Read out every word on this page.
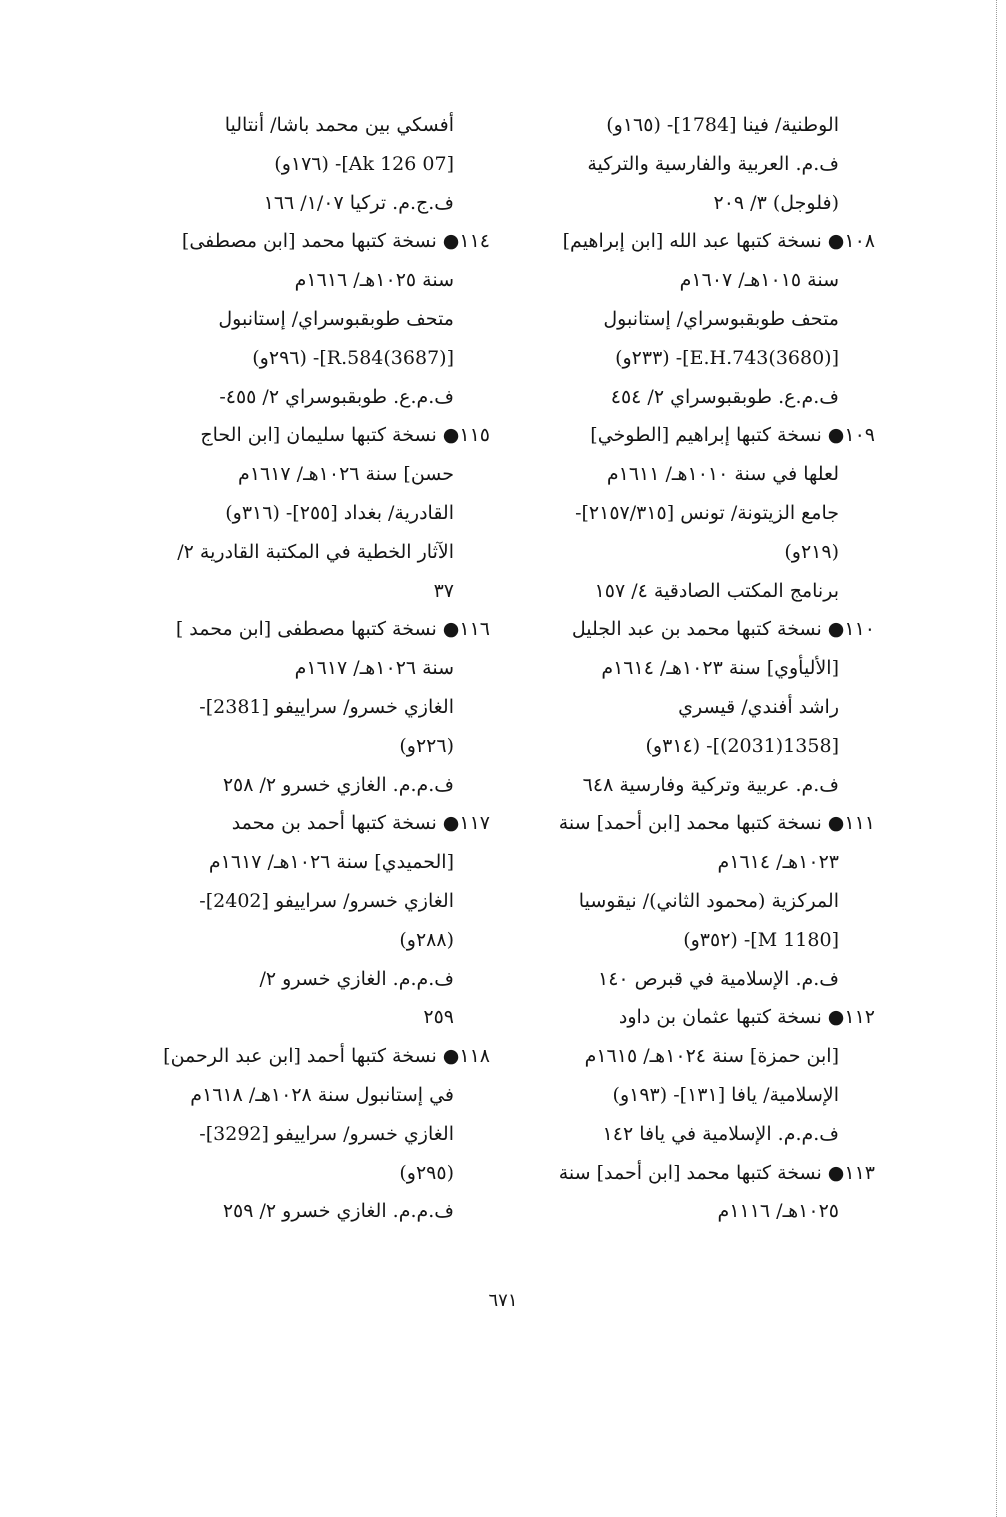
الوطنية/ فينا [1784]- (١٦٥و)
ف.م. العربية والفارسية والتركية
(فلوجل) ٣/ ٢٠٩
١٠٨● نسخة كتبها عبد الله [ابن إبراهيم]
سنة ١٠١٥هـ/ ١٦٠٧م
متحف طوبقبوسراي/ إستانبول
[(3680)E.H.743]- (٢٣٣و)
ف.م.ع. طوبقبوسراي ٢/ ٤٥٤
١٠٩● نسخة كتبها إبراهيم [الطوخي]
لعلها في سنة ١٠١٠هـ/ ١٦١١م
جامع الزيتونة/ تونس [٢١٥٧/٣١٥]-
(٢١٩و)
برنامج المكتب الصادقية ٤/ ١٥٧
١١٠● نسخة كتبها محمد بن عبد الجليل
[الأليأوي] سنة ١٠٢٣هـ/ ١٦١٤م
راشد أفندي/ قيسري
[1358(2031)]- (٣١٤و)
ف.م. عربية وتركية وفارسية ٦٤٨
١١١● نسخة كتبها محمد [ابن أحمد] سنة
١٠٢٣هـ/ ١٦١٤م
المركزية (محمود الثاني)/ نيقوسيا
[M 1180]- (٣٥٢و)
ف.م. الإسلامية في قبرص ١٤٠
١١٢● نسخة كتبها عثمان بن داود
[ابن حمزة] سنة ١٠٢٤هـ/ ١٦١٥م
الإسلامية/ يافا [١٣١]- (١٩٣و)
ف.م.م. الإسلامية في يافا ١٤٢
١١٣● نسخة كتبها محمد [ابن أحمد] سنة
١٠٢٥هـ/ ١١١٦م
أفسكي بين محمد باشا/ أنتاليا
[07 Ak 126]- (١٧٦و)
ف.ج.م. تركيا ١/٠٧/ ١٦٦
١١٤● نسخة كتبها محمد [ابن مصطفى]
سنة ١٠٢٥هـ/ ١٦١٦م
متحف طوبقبوسراي/ إستانبول
[R.584(3687)]- (٢٩٦و)
ف.م.ع. طوبقبوسراي ٢/ ٤٥٥-
١١٥● نسخة كتبها سليمان [ابن الحاج
حسن] سنة ١٠٢٦هـ/ ١٦١٧م
القادرية/ بغداد [٢٥٥]- (٣١٦و)
الآثار الخطية في المكتبة القادرية ٢/
٣٧
١١٦● نسخة كتبها مصطفى [ابن محمد ]
سنة ١٠٢٦هـ/ ١٦١٧م
الغازي خسرو/ سراييفو [2381]-
(٢٢٦و)
ف.م.م. الغازي خسرو ٢/ ٢٥٨
١١٧● نسخة كتبها أحمد بن محمد
[الحميدي] سنة ١٠٢٦هـ/ ١٦١٧م
الغازي خسرو/ سراييفو [2402]-
(٢٨٨و)
ف.م.م. الغازي خسرو ٢/
٢٥٩
١١٨● نسخة كتبها أحمد [ابن عبد الرحمن]
في إستانبول سنة ١٠٢٨هـ/ ١٦١٨م
الغازي خسرو/ سراييفو [3292]-
(٢٩٥و)
ف.م.م. الغازي خسرو ٢/ ٢٥٩
٦٧١
